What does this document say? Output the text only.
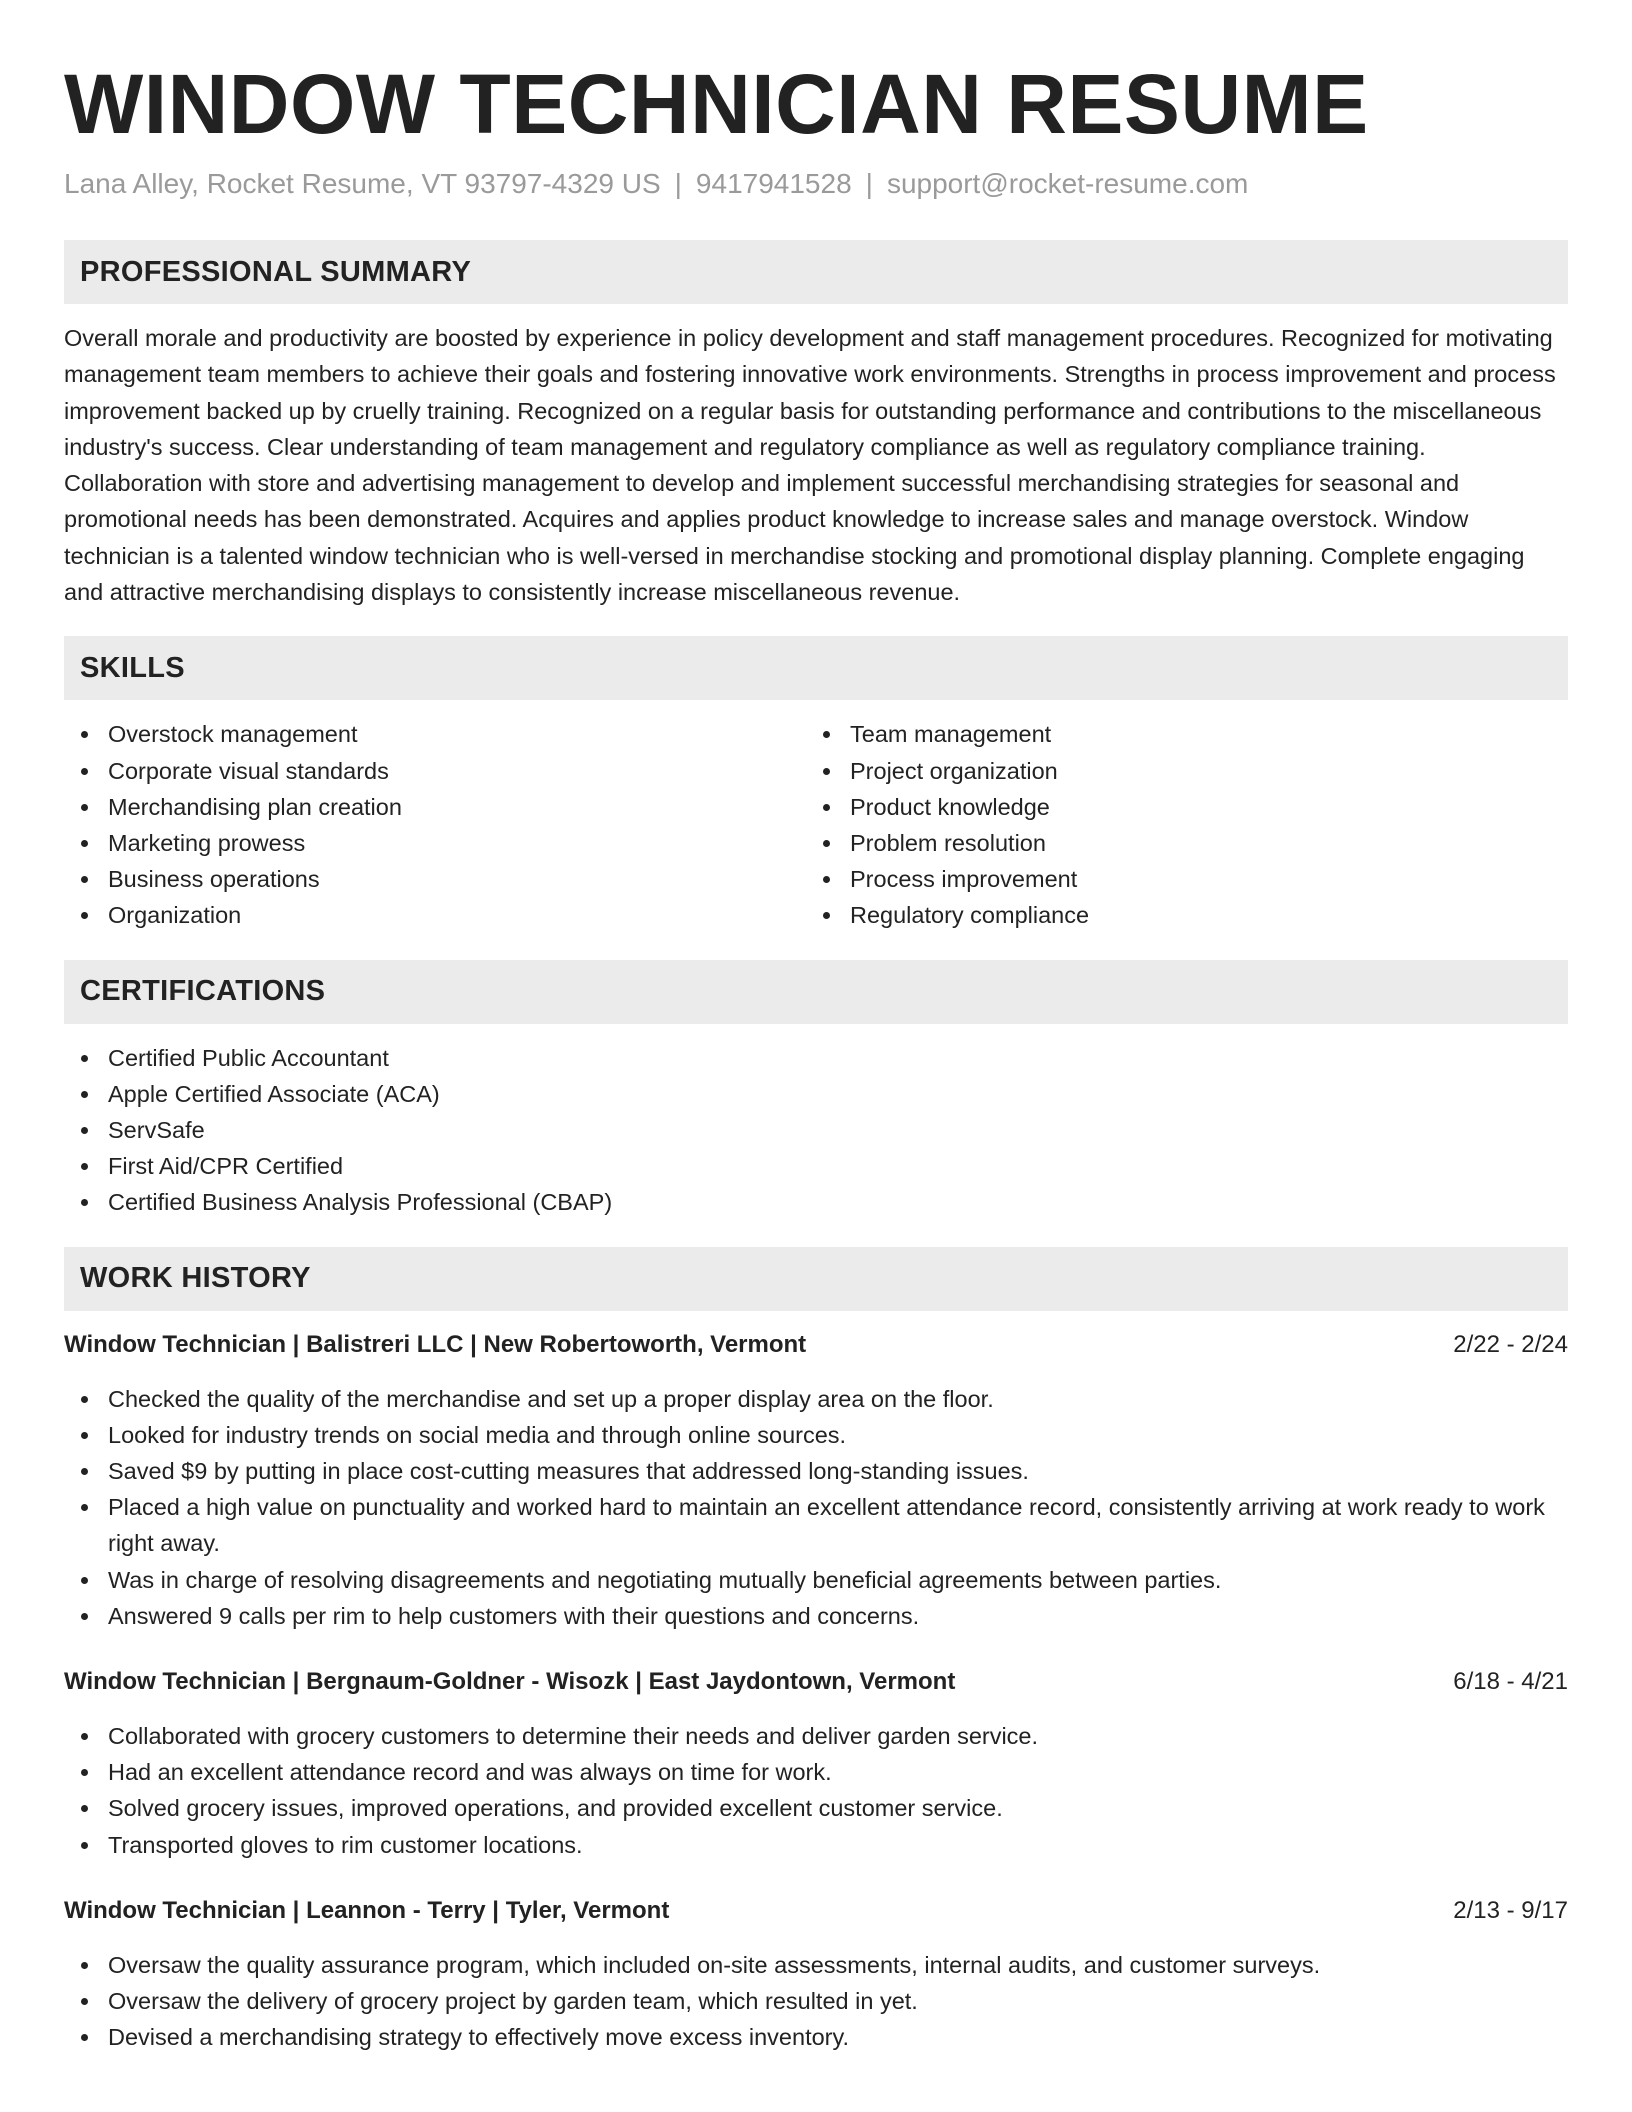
WINDOW TECHNICIAN RESUME
Lana Alley, Rocket Resume, VT 93797-4329 US | 9417941528 | support@rocket-resume.com
PROFESSIONAL SUMMARY

Overall morale and productivity are boosted by experience in policy development and staff management procedures. Recognized for motivating management team members to achieve their goals and fostering innovative work environments. Strengths in process improvement and process improvement backed up by cruelly training. Recognized on a regular basis for outstanding performance and contributions to the miscellaneous industry's success. Clear understanding of team management and regulatory compliance as well as regulatory compliance training. Collaboration with store and advertising management to develop and implement successful merchandising strategies for seasonal and promotional needs has been demonstrated. Acquires and applies product knowledge to increase sales and manage overstock. Window technician is a talented window technician who is well-versed in merchandise stocking and promotional display planning. Complete engaging and attractive merchandising displays to consistently increase miscellaneous revenue.

SKILLS
Overstock management
Corporate visual standards
Merchandising plan creation
Marketing prowess
Business operations
Organization
Team management
Project organization
Product knowledge
Problem resolution
Process improvement
Regulatory compliance
CERTIFICATIONS
Certified Public Accountant
Apple Certified Associate (ACA)
ServSafe
First Aid/CPR Certified
Certified Business Analysis Professional (CBAP)
WORK HISTORY
Window Technician | Balistreri LLC | New Robertoworth, Vermont	2/22 - 2/24
Checked the quality of the merchandise and set up a proper display area on the floor.
Looked for industry trends on social media and through online sources.
Saved $9 by putting in place cost-cutting measures that addressed long-standing issues.
Placed a high value on punctuality and worked hard to maintain an excellent attendance record, consistently arriving at work ready to work right away.
Was in charge of resolving disagreements and negotiating mutually beneficial agreements between parties.
Answered 9 calls per rim to help customers with their questions and concerns.
Window Technician | Bergnaum-Goldner - Wisozk | East Jaydontown, Vermont	6/18 - 4/21
Collaborated with grocery customers to determine their needs and deliver garden service.
Had an excellent attendance record and was always on time for work.
Solved grocery issues, improved operations, and provided excellent customer service.
Transported gloves to rim customer locations.
Window Technician | Leannon - Terry | Tyler, Vermont	2/13 - 9/17
Oversaw the quality assurance program, which included on-site assessments, internal audits, and customer surveys.
Oversaw the delivery of grocery project by garden team, which resulted in yet.
Devised a merchandising strategy to effectively move excess inventory.
